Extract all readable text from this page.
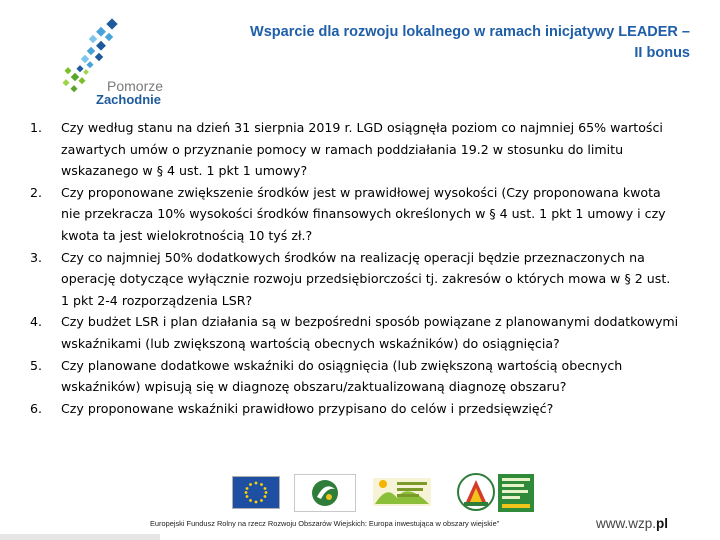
Pomorze
Zachodnie
Wsparcie dla rozwoju lokalnego w ramach inicjatywy LEADER –
II bonus
1. Czy według stanu na dzień 31 sierpnia 2019 r. LGD osiągnęła poziom co najmniej 65% wartości zawartych umów o przyznanie pomocy w ramach poddziałania 19.2 w stosunku do limitu wskazanego w § 4 ust. 1 pkt 1 umowy?
2. Czy proponowane zwiększenie środków jest w prawidłowej wysokości (Czy proponowana kwota nie przekracza 10% wysokości środków finansowych określonych w § 4 ust. 1 pkt 1 umowy i czy kwota ta jest wielokrotnością 10 tyś zł.?
3. Czy co najmniej 50% dodatkowych środków na realizację operacji będzie przeznaczonych na operację dotyczące wyłącznie rozwoju przedsiębiorczości tj. zakresów o których mowa w § 2 ust. 1 pkt 2-4 rozporządzenia LSR?
4. Czy budżet LSR i plan działania są w bezpośredni sposób powiązane z planowanymi dodatkowymi wskaźnikami (lub zwiększoną wartością obecnych wskaźników) do osiągnięcia?
5. Czy planowane dodatkowe wskaźniki do osiągnięcia (lub zwiększoną wartością obecnych wskaźników) wpisują się w diagnozę obszaru/zaktualizowaną diagnozę obszaru?
6. Czy proponowane wskaźniki prawidłowo przypisano do celów i przedsięwzięć?
Europejski Fundusz Rolny na rzecz Rozwoju Obszarów Wiejskich: Europa inwestująca w obszary wiejskie"	www.wzp.pl
